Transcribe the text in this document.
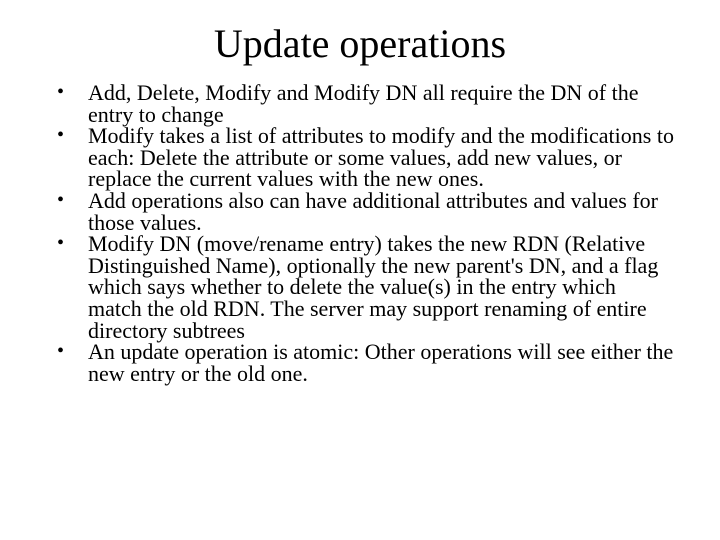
Update operations
• Add, Delete, Modify and Modify DN all require the DN of the entry to change
• Modify takes a list of attributes to modify and the modifications to each: Delete the attribute or some values, add new values, or replace the current values with the new ones.
• Add operations also can have additional attributes and values for those values.
• Modify DN (move/rename entry) takes the new RDN (Relative Distinguished Name), optionally the new parent's DN, and a flag which says whether to delete the value(s) in the entry which match the old RDN. The server may support renaming of entire directory subtrees
• An update operation is atomic: Other operations will see either the new entry or the old one.
